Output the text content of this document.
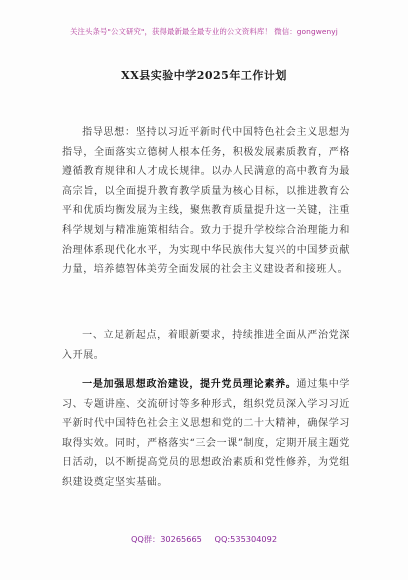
关注头条号"公文研究"，获得最新最全最专业的公文资料库！ 微信：gongwenyj
XX县实验中学2025年工作计划

指导思想：坚持以习近平新时代中国特色社会主义思想为指导，全面落实立德树人根本任务，积极发展素质教育，严格遵循教育规律和人才成长规律。以办人民满意的高中教育为最高宗旨，以全面提升教育教学质量为核心目标，以推进教育公平和优质均衡发展为主线，聚焦教育质量提升这一关键，注重科学规划与精准施策相结合。致力于提升学校综合治理能力和治理体系现代化水平，为实现中华民族伟大复兴的中国梦贡献力量，培养德智体美劳全面发展的社会主义建设者和接班人。

一、立足新起点，着眼新要求，持续推进全面从严治党深入开展。

一是加强思想政治建设，提升党员理论素养。通过集中学习、专题讲座、交流研讨等多种形式，组织党员深入学习习近平新时代中国特色社会主义思想和党的二十大精神，确保学习取得实效。同时，严格落实“三会一课”制度，定期开展主题党日活动，以不断提高党员的思想政治素质和党性修养，为党组织建设奠定坚实基础。

QQ群：30265665 QQ:535304092
